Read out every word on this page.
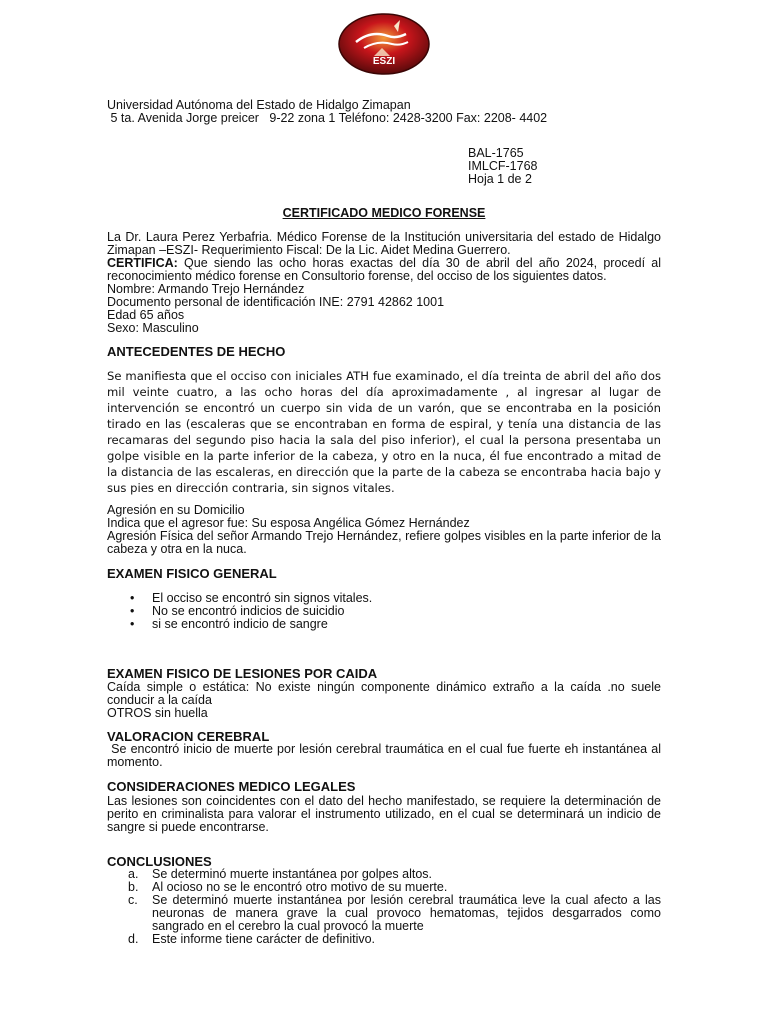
ESZI
Universidad Autónoma del Estado de Hidalgo Zimapan
5 ta. Avenida Jorge preicer   9-22 zona 1 Teléfono: 2428-3200 Fax: 2208- 4402
BAL-1765
IMLCF-1768
Hoja 1 de 2
CERTIFICADO MEDICO FORENSE
La Dr. Laura Perez Yerbafria. Médico Forense de la Institución universitaria del estado de Hidalgo Zimapan –ESZI- Requerimiento Fiscal: De la Lic. Aidet Medina Guerrero.
CERTIFICA: Que siendo las ocho horas exactas del día 30 de abril del año 2024, procedí al reconocimiento médico forense en Consultorio forense, del occiso de los siguientes datos.
Nombre: Armando Trejo Hernández
Documento personal de identificación INE: 2791 42862 1001
Edad 65 años
Sexo: Masculino
ANTECEDENTES DE HECHO
Se manifiesta que el occiso con iniciales ATH fue examinado, el día treinta de abril del año dos mil veinte cuatro, a las ocho horas del día aproximadamente , al ingresar al lugar de intervención se encontró un cuerpo sin vida de un varón, que se encontraba en la posición tirado en las (escaleras que se encontraban en forma de espiral, y tenía una distancia de las recamaras del segundo piso hacia la sala del piso inferior), el cual la persona presentaba un golpe visible en la parte inferior de la cabeza, y otro en la nuca, él fue encontrado a mitad de la distancia de las escaleras, en dirección que la parte de la cabeza se encontraba hacia bajo y sus pies en dirección contraria, sin signos vitales.
Agresión en su Domicilio
Indica que el agresor fue: Su esposa Angélica Gómez Hernández
Agresión Física del señor Armando Trejo Hernández, refiere golpes visibles en la parte inferior de la cabeza y otra en la nuca.
EXAMEN FISICO GENERAL
• El occiso se encontró sin signos vitales.
• No se encontró indicios de suicidio
• si se encontró indicio de sangre
EXAMEN FISICO DE LESIONES POR CAIDA
Caída simple o estática: No existe ningún componente dinámico extraño a la caída .no suele conducir a la caída
OTROS sin huella
VALORACION CEREBRAL
Se encontró inicio de muerte por lesión cerebral traumática en el cual fue fuerte eh instantánea al momento.
CONSIDERACIONES MEDICO LEGALES
Las lesiones son coincidentes con el dato del hecho manifestado, se requiere la determinación de perito en criminalista para valorar el instrumento utilizado, en el cual se determinará un indicio de sangre si puede encontrarse.
CONCLUSIONES
a. Se determinó muerte instantánea por golpes altos.
b. Al ocioso no se le encontró otro motivo de su muerte.
c. Se determinó muerte instantánea por lesión cerebral traumática leve la cual afecto a las neuronas de manera grave la cual provoco hematomas, tejidos desgarrados como sangrado en el cerebro la cual provocó la muerte
d. Este informe tiene carácter de definitivo.
